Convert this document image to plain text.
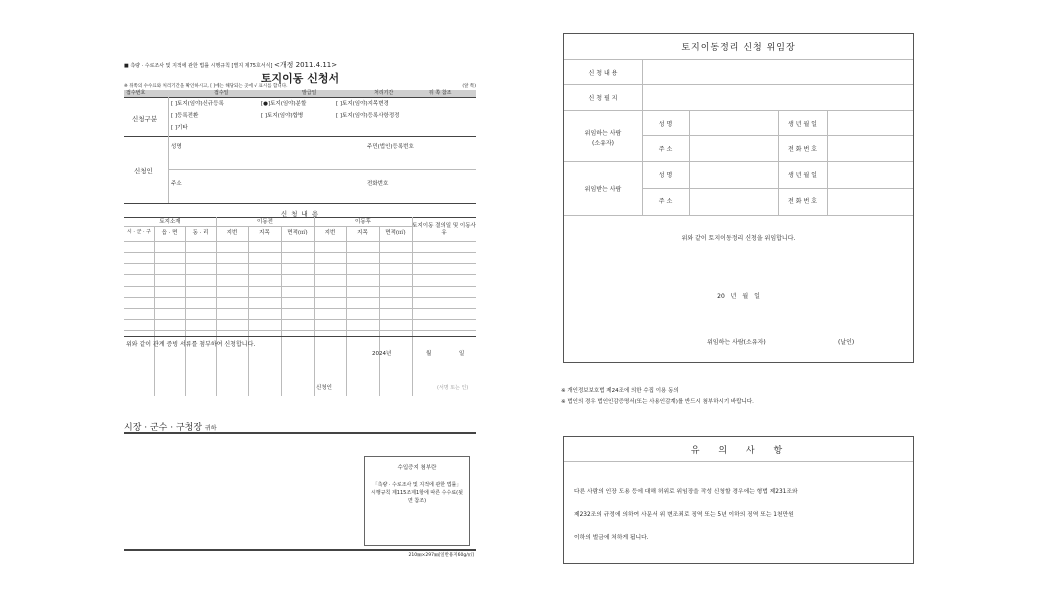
■ 측량 · 수로조사 및 지적에 관한 법률 시행규칙 [별지 제75호서식] <개정 2011.4.11>
토지이동 신청서
※ 뒤쪽의 수수료와 처리기간을 확인하시고, [ ]에는 해당되는 곳에 √ 표시를 합니다.	(앞 쪽)
접수번호	접수일	발급일	처리기간	뒤 쪽 참조
신청구분
[ ]토지(임야)신규등록	[●]토지(임야)분할	[ ]토지(임야)지목변경
[ ]등록전환	[ ]토지(임야)합병	[ ]토지(임야)등록사항정정
[ ]기타
신청인
성명	주민(법인)등록번호
주소	전화번호
신 청 내 용
토지소재	이동전	이동후
토지이동 결의일 및 이동사유
시 · 군 · 구	읍 · 면	동 · 리	지번	지목	면적(㎡)	지번	지목	면적(㎡)
위와 같이 관계 증빙 서류를 첨부하여 신청합니다.
2024년	월	일
신청인	(서명 또는 인)
시장 · 군수 · 구청장 귀하
수입증지 첨부란
「측량 · 수로조사 및 지적에 관한 법률」 시행규칙 제115조제1항에 따른 수수료(뒷면 참조)
210㎜×297㎜[일반용지60g/㎡]
토지이동정리 신청 위임장
신 청 내 용
신 청 필 지
위임하는 사람
(소유자)
성 명	생 년 월 일
주 소	전 화 번 호
위임받는 사람
성 명	생 년 월 일
주 소	전 화 번 호
위와 같이 토지이동정리 신청을 위임합니다.
20 년 월 일
위임하는 사람(소유자)	(날인)
※ 개인정보보호법 제24조에 의한 수집 이용 동의
※ 법인의 경우 법인인감증명서(또는 사용인감계)를 반드시 첨부하시기 바랍니다.
유 의 사 항
다른 사람의 인장 도용 등에 대해 허위로 위임장을 작성 신청할 경우에는 형법 제231조와
제232조의 규정에 의하여 사문서 위 변조죄로 징역 또는 5년 이하의 징역 또는 1천만원
이하의 벌금에 처하게 됩니다.
